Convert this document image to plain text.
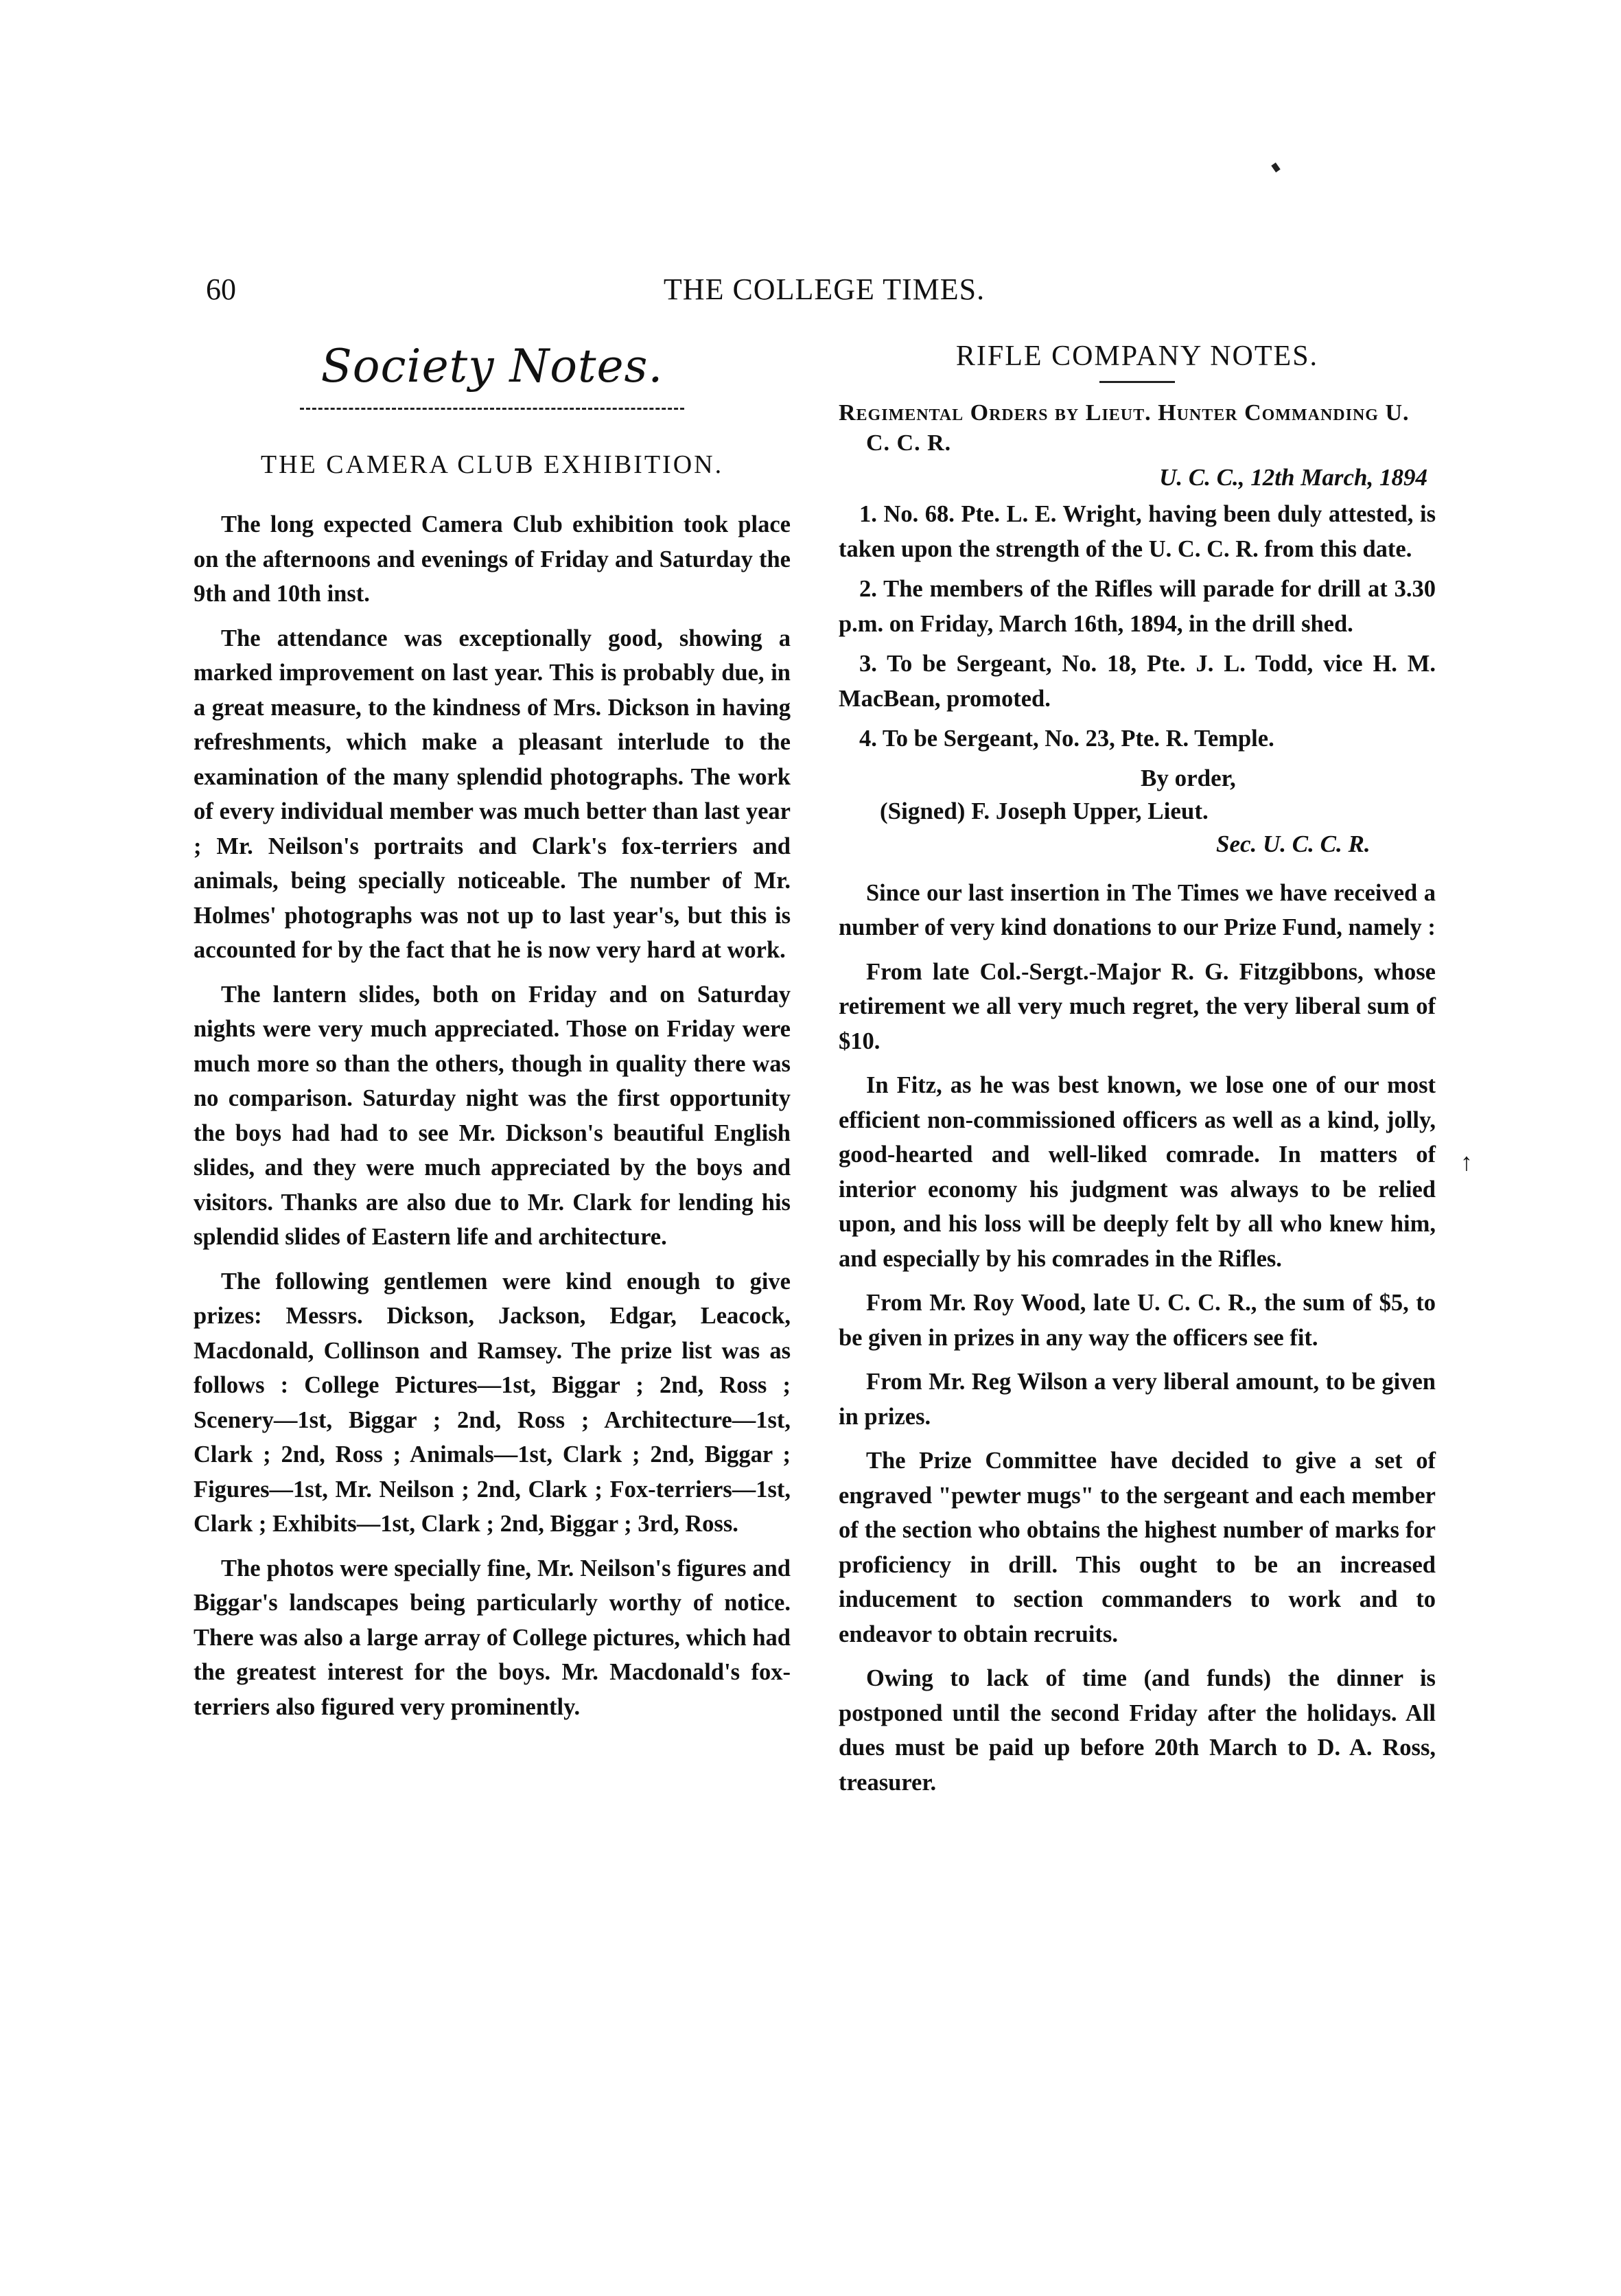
60	THE COLLEGE TIMES.
Society Notes.
THE CAMERA CLUB EXHIBITION.

The long expected Camera Club exhibition took place on the afternoons and evenings of Friday and Saturday the 9th and 10th inst.

The attendance was exceptionally good, showing a marked improvement on last year. This is probably due, in a great measure, to the kindness of Mrs. Dickson in having refreshments, which make a pleasant interlude to the examination of the many splendid photographs. The work of every individual member was much better than last year ; Mr. Neilson's portraits and Clark's fox-terriers and animals, being specially noticeable. The number of Mr. Holmes' photographs was not up to last year's, but this is accounted for by the fact that he is now very hard at work.

The lantern slides, both on Friday and on Saturday nights were very much appreciated. Those on Friday were much more so than the others, though in quality there was no comparison. Saturday night was the first opportunity the boys had had to see Mr. Dickson's beautiful English slides, and they were much appreciated by the boys and visitors. Thanks are also due to Mr. Clark for lending his splendid slides of Eastern life and architecture.

The following gentlemen were kind enough to give prizes: Messrs. Dickson, Jackson, Edgar, Leacock, Macdonald, Collinson and Ramsey. The prize list was as follows : College Pictures—1st, Biggar ; 2nd, Ross ; Scenery—1st, Biggar ; 2nd, Ross ; Architecture—1st, Clark ; 2nd, Ross ; Animals—1st, Clark ; 2nd, Biggar ; Figures—1st, Mr. Neilson ; 2nd, Clark ; Fox-terriers—1st, Clark ; Exhibits—1st, Clark ; 2nd, Biggar ; 3rd, Ross.

The photos were specially fine, Mr. Neilson's figures and Biggar's landscapes being particularly worthy of notice. There was also a large array of College pictures, which had the greatest interest for the boys. Mr. Macdonald's fox-terriers also figured very prominently.

RIFLE COMPANY NOTES.

Regimental Orders by Lieut. Hunter Commanding U. C. C. R.

U. C. C., 12th March, 1894

1. No. 68. Pte. L. E. Wright, having been duly attested, is taken upon the strength of the U. C. C. R. from this date.

2. The members of the Rifles will parade for drill at 3.30 p.m. on Friday, March 16th, 1894, in the drill shed.

3. To be Sergeant, No. 18, Pte. J. L. Todd, vice H. M. MacBean, promoted.

4. To be Sergeant, No. 23, Pte. R. Temple.

By order,
(Signed) F. Joseph Upper, Lieut.
Sec. U. C. C. R.

Since our last insertion in The Times we have received a number of very kind donations to our Prize Fund, namely :

From late Col.-Sergt.-Major R. G. Fitzgibbons, whose retirement we all very much regret, the very liberal sum of $10.

In Fitz, as he was best known, we lose one of our most efficient non-commissioned officers as well as a kind, jolly, good-hearted and well-liked comrade. In matters of interior economy his judgment was always to be relied upon, and his loss will be deeply felt by all who knew him, and especially by his comrades in the Rifles.

From Mr. Roy Wood, late U. C. C. R., the sum of $5, to be given in prizes in any way the officers see fit.

From Mr. Reg Wilson a very liberal amount, to be given in prizes.

The Prize Committee have decided to give a set of engraved "pewter mugs" to the sergeant and each member of the section who obtains the highest number of marks for proficiency in drill. This ought to be an increased inducement to section commanders to work and to endeavor to obtain recruits.

Owing to lack of time (and funds) the dinner is postponed until the second Friday after the holidays. All dues must be paid up before 20th March to D. A. Ross, treasurer.

↑
